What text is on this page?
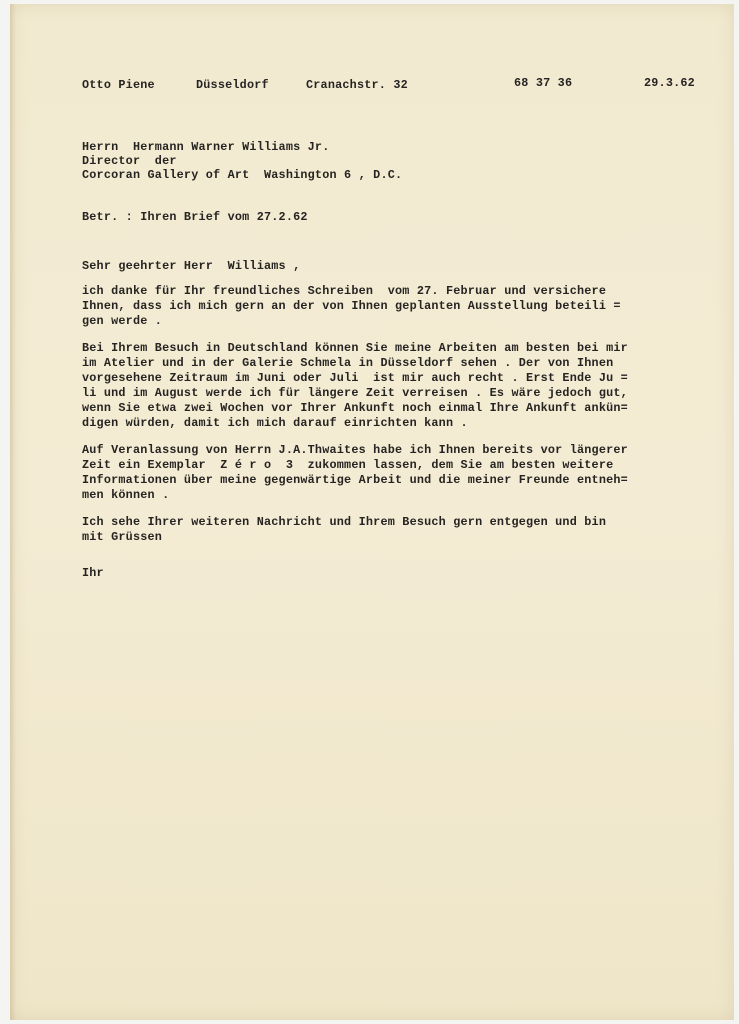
Otto Piene	Düsseldorf	Cranachstr. 32	68 37 36	29.3.62
Herrn  Hermann Warner Williams Jr.
Director  der
Corcoran Gallery of Art  Washington 6 , D.C.
Betr. : Ihren Brief vom 27.2.62
Sehr geehrter Herr  Williams ,
ich danke für Ihr freundliches Schreiben  vom 27. Februar und versichere
Ihnen, dass ich mich gern an der von Ihnen geplanten Ausstellung beteili =
gen werde .
Bei Ihrem Besuch in Deutschland können Sie meine Arbeiten am besten bei mir
im Atelier und in der Galerie Schmela in Düsseldorf sehen . Der von Ihnen
vorgesehene Zeitraum im Juni oder Juli  ist mir auch recht . Erst Ende Ju =
li und im August werde ich für längere Zeit verreisen . Es wäre jedoch gut,
wenn Sie etwa zwei Wochen vor Ihrer Ankunft noch einmal Ihre Ankunft ankün=
digen würden, damit ich mich darauf einrichten kann .
Auf Veranlassung von Herrn J.A.Thwaites habe ich Ihnen bereits vor längerer
Zeit ein Exemplar  Z é r o  3  zukommen lassen, dem Sie am besten weitere
Informationen über meine gegenwärtige Arbeit und die meiner Freunde entneh=
men können .
Ich sehe Ihrer weiteren Nachricht und Ihrem Besuch gern entgegen und bin
mit Grüssen
Ihr
